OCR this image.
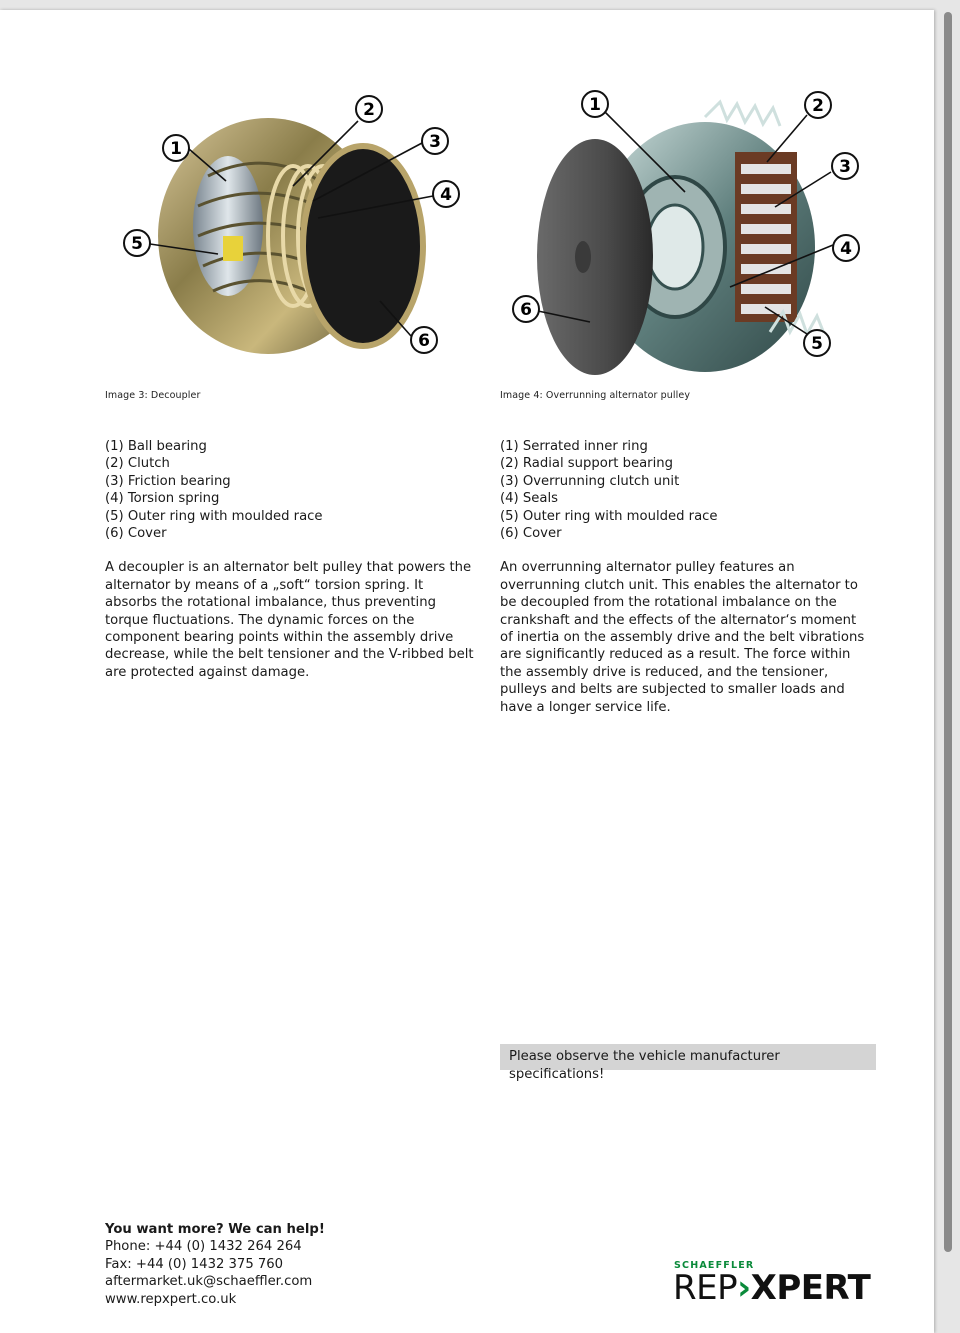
1
2
3
4
5
6
1	2
3
4
5
6
Image 3: Decoupler	Image 4: Overrunning alternator pulley
(1) Ball bearing
(2) Clutch
(3) Friction bearing
(4) Torsion spring
(5) Outer ring with moulded race
(6) Cover

A decoupler is an alternator belt pulley that powers the alternator by means of a „soft“ torsion spring. It absorbs the rotational imbalance, thus preventing torque fluctuations. The dynamic forces on the component bearing points within the assembly drive decrease, while the belt tensioner and the V-ribbed belt are protected against damage.

(1) Serrated inner ring
(2) Radial support bearing
(3) Overrunning clutch unit
(4) Seals
(5) Outer ring with moulded race
(6) Cover

An overrunning alternator pulley features an overrunning clutch unit. This enables the alternator to be decoupled from the rotational imbalance on the crankshaft and the effects of the alternator‘s moment of inertia on the assembly drive and the belt vibrations are significantly reduced as a result. The force within the assembly drive is reduced, and the tensioner, pulleys and belts are subjected to smaller loads and have a longer service life.

Please observe the vehicle manufacturer specifications!
You want more? We can help!
Phone: +44 (0) 1432 264 264
Fax: +44 (0) 1432 375 760
aftermarket.uk@schaeffler.com
www.repxpert.co.uk
SCHAEFFLER
REP›XPERT
